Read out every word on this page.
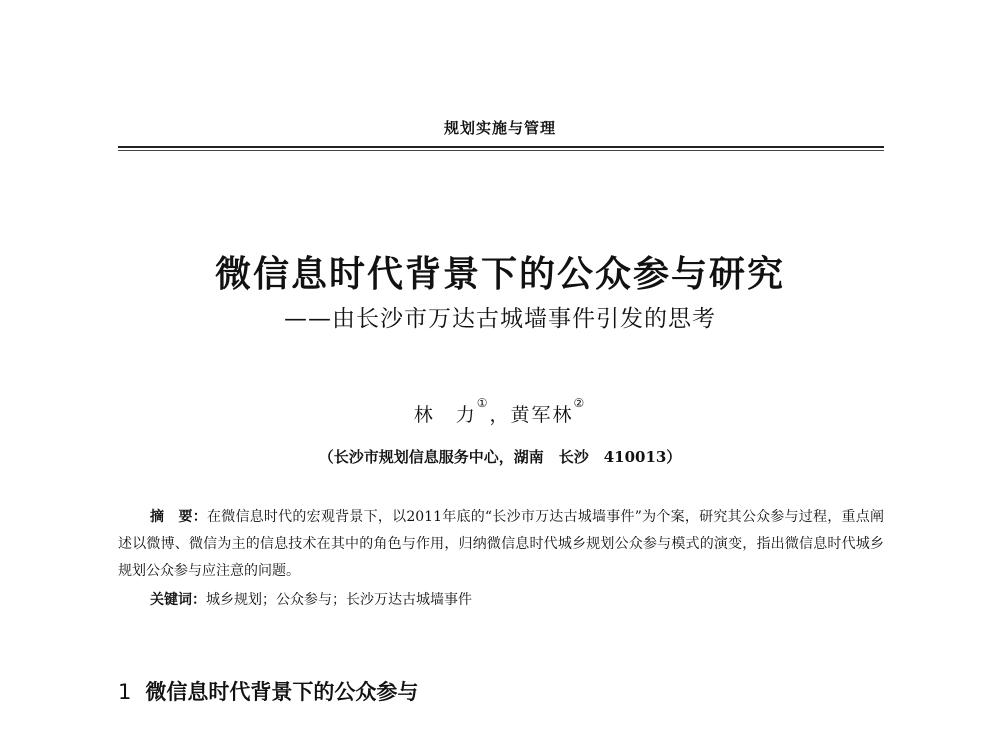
规划实施与管理
微信息时代背景下的公众参与研究
——由长沙市万达古城墙事件引发的思考
林　力①，黄军林②
（长沙市规划信息服务中心，湖南　长沙　410013）
摘　要：在微信息时代的宏观背景下，以2011年底的“长沙市万达古城墙事件”为个案，研究其公众参与过程，重点阐述以微博、微信为主的信息技术在其中的角色与作用，归纳微信息时代城乡规划公众参与模式的演变，指出微信息时代城乡规划公众参与应注意的问题。
关键词：城乡规划；公众参与；长沙万达古城墙事件
1 微信息时代背景下的公众参与
